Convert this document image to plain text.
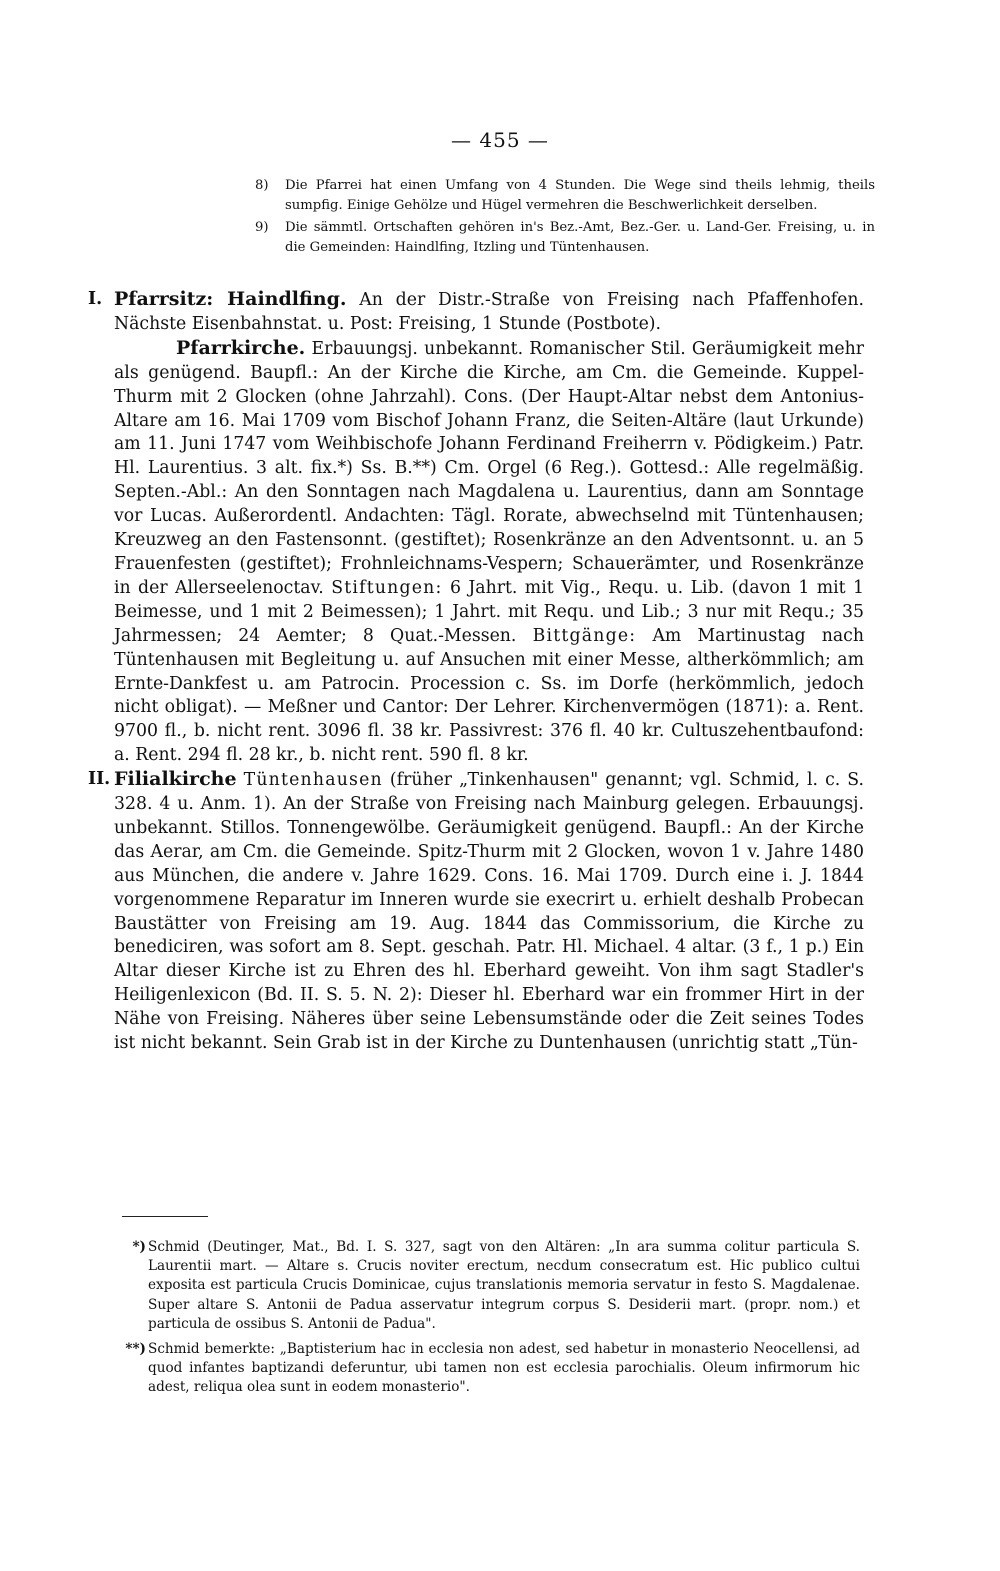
— 455 —

8) Die Pfarrei hat einen Umfang von 4 Stunden. Die Wege sind theils lehmig, theils sumpfig. Einige Gehölze und Hügel vermehren die Beschwerlichkeit derselben.

9) Die sämmtl. Ortschaften gehören in's Bez.-Amt, Bez.-Ger. u. Land-Ger. Freising, u. in die Gemeinden: Haindlfing, Itzling und Tüntenhausen.

I. Pfarrsitz: Haindlfing. An der Distr.-Straße von Freising nach Pfaffenhofen. Nächste Eisenbahnstat. u. Post: Freising, 1 Stunde (Postbote).

Pfarrkirche. Erbauungsj. unbekannt. Romanischer Stil. Geräumigkeit mehr als genügend. Baupfl.: An der Kirche die Kirche, am Cm. die Gemeinde. Kuppel-Thurm mit 2 Glocken (ohne Jahrzahl). Cons. (Der Haupt-Altar nebst dem Antonius-Altare am 16. Mai 1709 vom Bischof Johann Franz, die Seiten-Altäre (laut Urkunde) am 11. Juni 1747 vom Weihbischofe Johann Ferdinand Freiherrn v. Pödigkeim.) Patr. Hl. Laurentius. 3 alt. fix.*) Ss. B.**) Cm. Orgel (6 Reg.). Gottesd.: Alle regelmäßig. Septen.-Abl.: An den Sonntagen nach Magdalena u. Laurentius, dann am Sonntage vor Lucas. Außerordentl. Andachten: Tägl. Rorate, abwechselnd mit Tüntenhausen; Kreuzweg an den Fastensonnt. (gestiftet); Rosenkränze an den Adventsonnt. u. an 5 Frauenfesten (gestiftet); Frohnleichnams-Vespern; Schauerämter, und Rosenkränze in der Allerseelenoctav. Stiftungen: 6 Jahrt. mit Vig., Requ. u. Lib. (davon 1 mit 1 Beimesse, und 1 mit 2 Beimessen); 1 Jahrt. mit Requ. und Lib.; 3 nur mit Requ.; 35 Jahrmessen; 24 Aemter; 8 Quat.-Messen. Bittgänge: Am Martinustag nach Tüntenhausen mit Begleitung u. auf Ansuchen mit einer Messe, altherkömmlich; am Ernte-Dankfest u. am Patrocin. Procession c. Ss. im Dorfe (herkömmlich, jedoch nicht obligat). — Meßner und Cantor: Der Lehrer. Kirchenvermögen (1871): a. Rent. 9700 fl., b. nicht rent. 3096 fl. 38 kr. Passivrest: 376 fl. 40 kr. Cultuszehentbaufond: a. Rent. 294 fl. 28 kr., b. nicht rent. 590 fl. 8 kr.

II. Filialkirche Tüntenhausen (früher „Tinkenhausen" genannt; vgl. Schmid, l. c. S. 328. 4 u. Anm. 1). An der Straße von Freising nach Mainburg gelegen. Erbauungsj. unbekannt. Stillos. Tonnengewölbe. Geräumigkeit genügend. Baupfl.: An der Kirche das Aerar, am Cm. die Gemeinde. Spitz-Thurm mit 2 Glocken, wovon 1 v. Jahre 1480 aus München, die andere v. Jahre 1629. Cons. 16. Mai 1709. Durch eine i. J. 1844 vorgenommene Reparatur im Inneren wurde sie execrirt u. erhielt deshalb Probecan Baustätter von Freising am 19. Aug. 1844 das Commissorium, die Kirche zu benediciren, was sofort am 8. Sept. geschah. Patr. Hl. Michael. 4 altar. (3 f., 1 p.) Ein Altar dieser Kirche ist zu Ehren des hl. Eberhard geweiht. Von ihm sagt Stadler's Heiligenlexicon (Bd. II. S. 5. N. 2): Dieser hl. Eberhard war ein frommer Hirt in der Nähe von Freising. Näheres über seine Lebensumstände oder die Zeit seines Todes ist nicht bekannt. Sein Grab ist in der Kirche zu Duntenhausen (unrichtig statt „Tün-

*) Schmid (Deutinger, Mat., Bd. I. S. 327, sagt von den Altären: „In ara summa colitur particula S. Laurentii mart. — Altare s. Crucis noviter erectum, necdum consecratum est. Hic publico cultui exposita est particula Crucis Dominicae, cujus translationis memoria servatur in festo S. Magdalenae. Super altare S. Antonii de Padua asservatur integrum corpus S. Desiderii mart. (propr. nom.) et particula de ossibus S. Antonii de Padua".

**) Schmid bemerkte: „Baptisterium hac in ecclesia non adest, sed habetur in monasterio Neocellensi, ad quod infantes baptizandi deferuntur, ubi tamen non est ecclesia parochialis. Oleum infirmorum hic adest, reliqua olea sunt in eodem monasterio".
